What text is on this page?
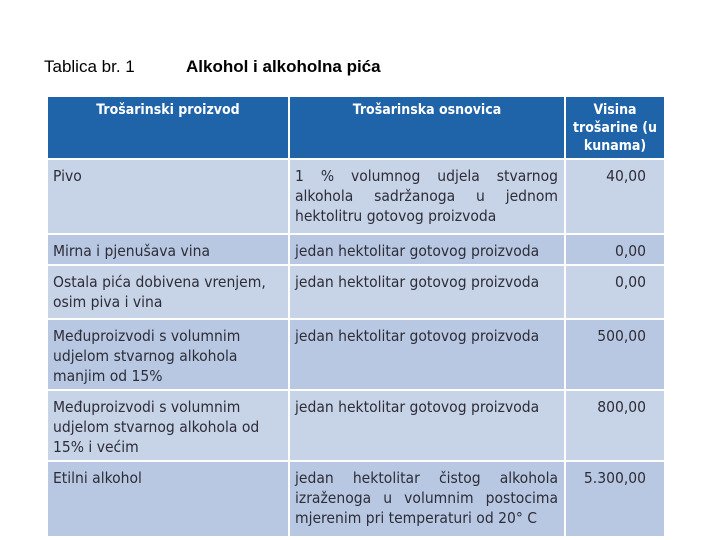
Tablica br. 1	Alkohol i alkoholna pića
Trošarinski proizvod	Trošarinska osnovica	Visina trošarine (u kunama)
Pivo	1 % volumnog udjela stvarnog alkohola sadržanoga u jednom hektolitru gotovog proizvoda	40,00
Mirna i pjenušava vina	jedan hektolitar gotovog proizvoda	0,00
Ostala pića dobivena vrenjem, osim piva i vina	jedan hektolitar gotovog proizvoda	0,00
Međuproizvodi s volumnim udjelom stvarnog alkohola manjim od 15%	jedan hektolitar gotovog proizvoda	500,00
Međuproizvodi s volumnim udjelom stvarnog alkohola od 15% i većim	jedan hektolitar gotovog proizvoda	800,00
Etilni alkohol	jedan hektolitar čistog alkohola izraženoga u volumnim postocima mjerenim pri temperaturi od 20° C	5.300,00
